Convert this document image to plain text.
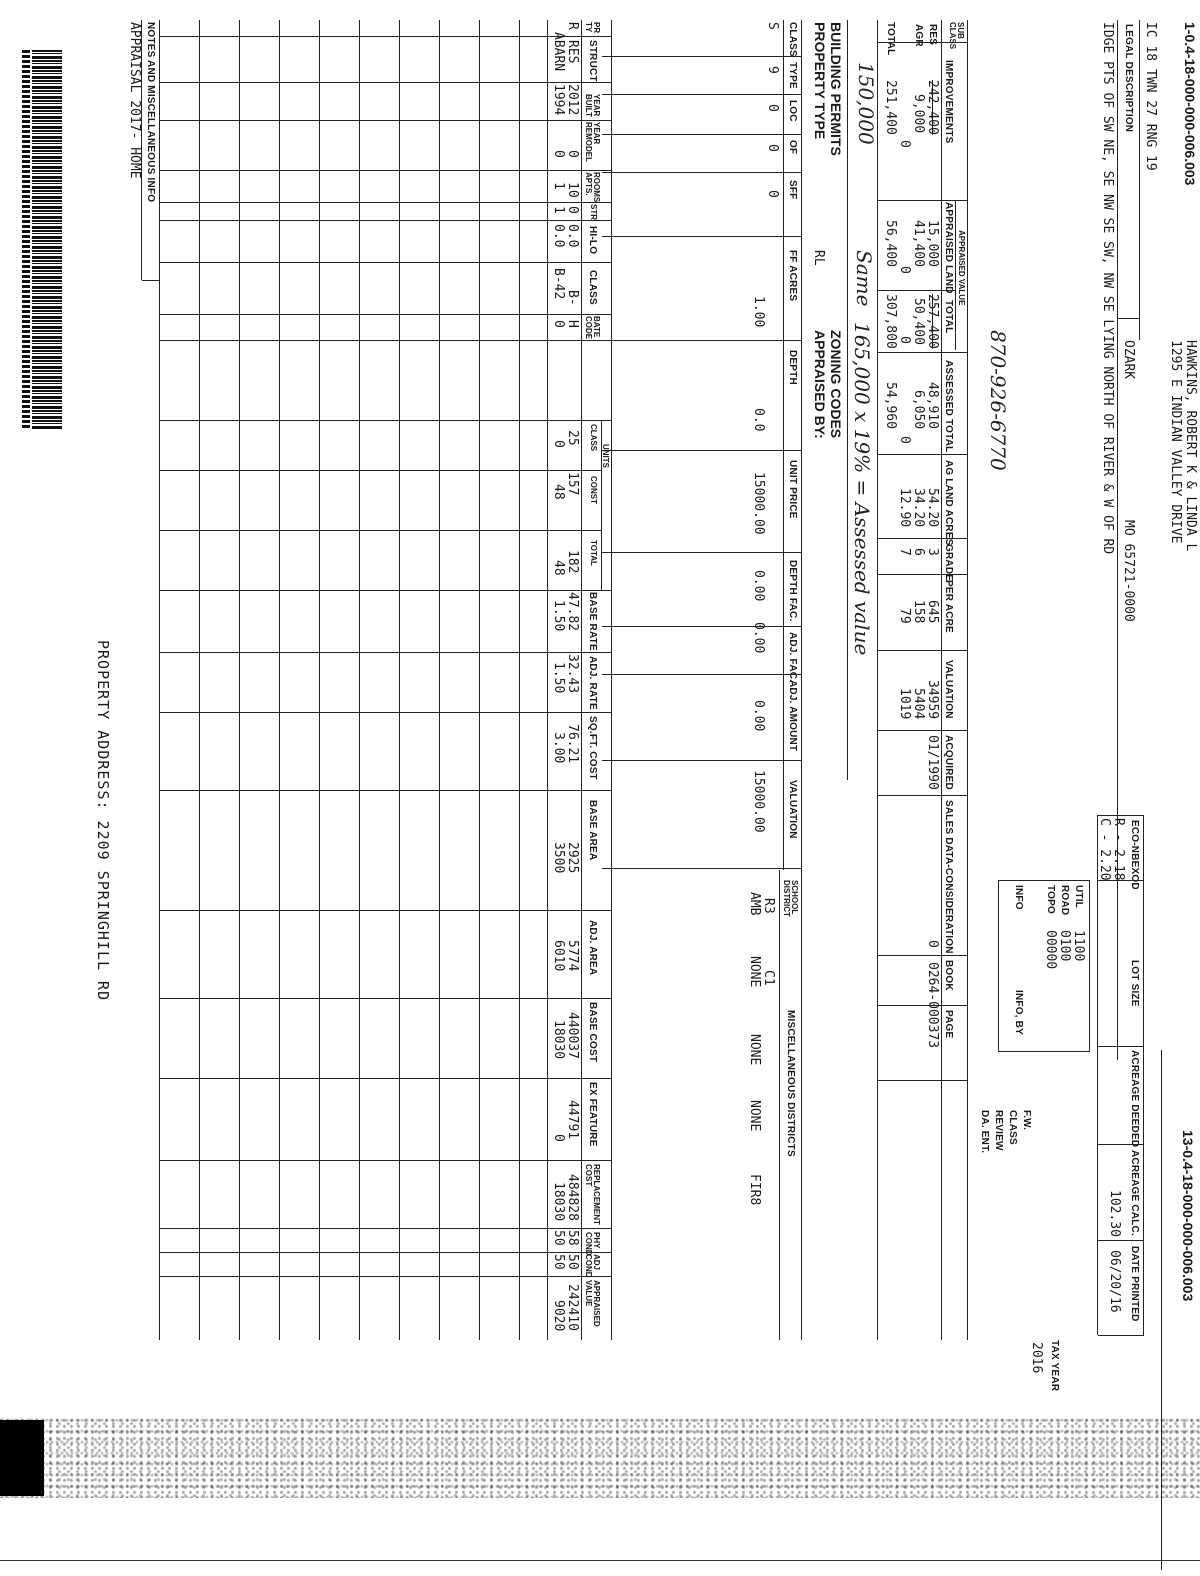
1-0.4-18-000-000-006.003
13-0.4-18-000-000-006.003
HAWKINS, ROBERT K & LINDA L
1295 E INDIAN VALLEY DRIVE
OZARK
MO 65721-0000
IC 18 TWN 27 RNG 19
LEGAL DESCRIPTION
IDGE PTS OF SW NE, SE NW SE SW, NW SE LYING NORTH OF RIVER & W OF RD
ECO-NBEXOD
R - 2.18
C - 2.20
LOT SIZE
ACREAGE DEEDED
ACREAGE CALC.
102.30
DATE PRINTED
06/20/16
TAX YEAR
2016
UTIL
1100
ROAD
0100
TOPO
00000
INFO
INFO, BY
F.W.
CLASS
REVIEW
DA. ENT.
APPRAISED VALUE
SUB CLASS
IMPROVEMENTS
APPRAISED LAND
TOTAL
ASSESSED TOTAL
AG LAND ACRES
GRADE
PER ACRE
VALUATION
ACQUIRED
SALES DATA-CONSIDERATION
BOOK
PAGE
RES
242,400
15,000
257,400
48,910
54.20
3
645
34959
01/1990
0
0264-000373
AGR
9,000
41,400
50,400
6,050
34.20
6
158
5404
0
0
0
0
12.90
7
79
1019
TOTAL
251,400
56,400
307,800
54,960
150,000
Same
165,000 x 19% = Assessed value	870-926-6770
BUILDING PERMITS
PROPERTY TYPE
RL
ZONING CODES
APPRAISED BY:
CLASS
TYPE
LOC
OF
SFF
FF ACRES
DEPTH
UNIT PRICE
DEPTH FAC.
ADJ. FAC.
ADJ. AMOUNT
VALUATION
S
9
0
0
0
1.00
0.0
15000.00
0.00
0.00
0.00
15000.00
SCHOOL DISTRICT
MISCELLANEOUS DISTRICTS
R3
AMB
C1
NONE
NONE
NONE
FIR8
UNITS
PR TY
STRUCT
YEAR BUILT
YEAR REMODEL
ROOMS APTS.
STR
HI-LO
CLASS
BATE CODE
CLASS
CONST
TOTAL
BASE RATE
ADJ. RATE
SQ.FT. COST
BASE AREA
ADJ. AREA
BASE COST
EX FEATURE
REPLACEMENT COST
PHY COND
ADJ COND
APPRAISED VALUE
R
RES
2012
0
10
0
0.0
B-
H
25
157
182
47.82
32.43
76.21
2925
5774
440037
44791
484828
58
50
242410
ABARN
1994
0
1
1
0.0
B-42
0
0
48
48
1.50
1.50
3.00
3500
6010
18030
0
18030
50
50
9020
NOTES AND MISCELLANEOUS INFO
APPRAISAL 2017- HOME
PROPERTY ADDRESS: 2209 SPRINGHILL RD
